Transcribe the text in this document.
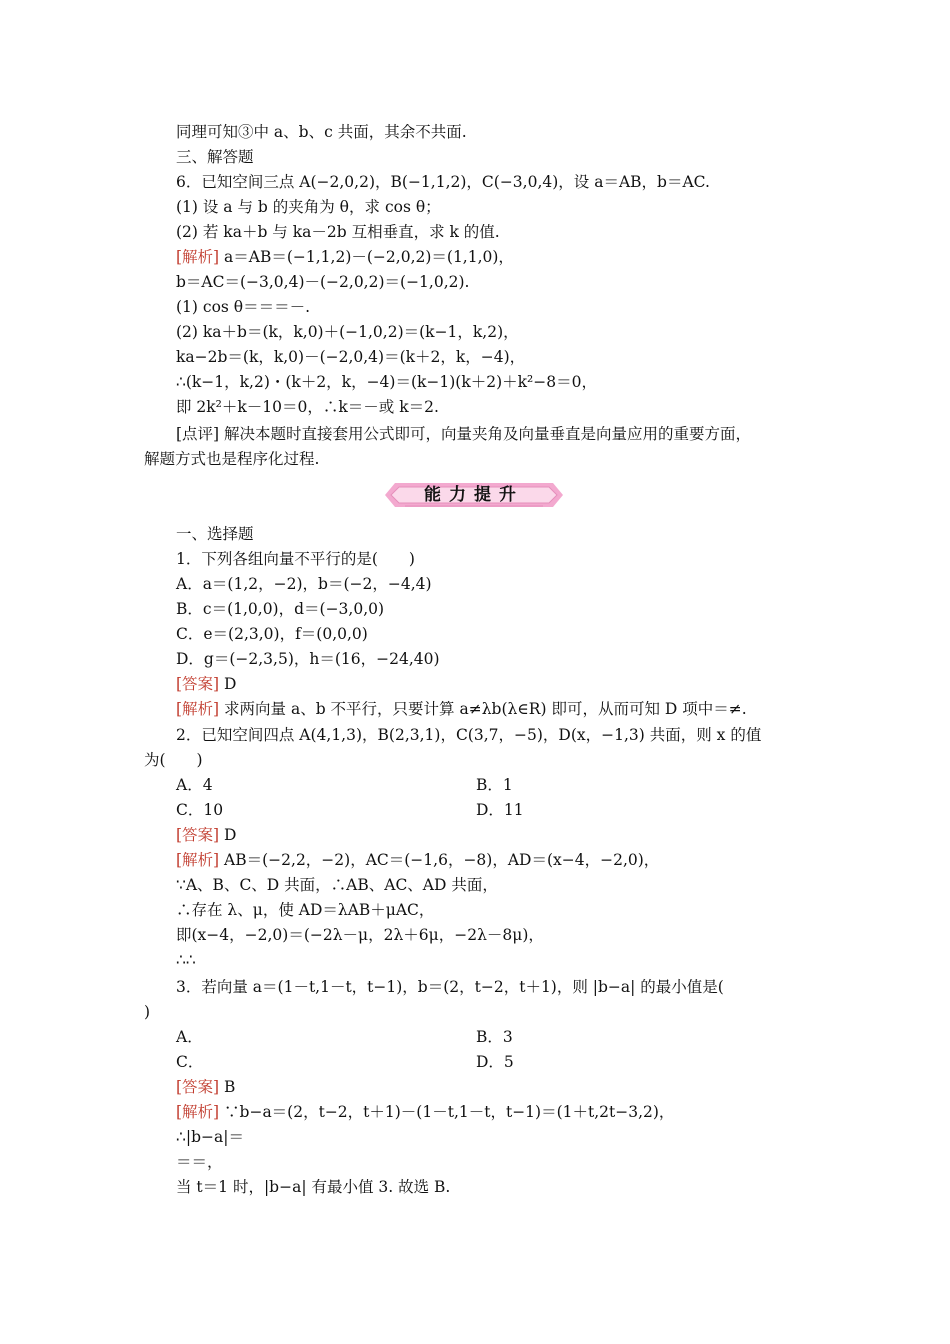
同理可知③中 a、b、c 共面，其余不共面.
三、解答题
6．已知空间三点 A(−2,0,2)，B(−1,1,2)，C(−3,0,4)，设 a＝AB，b＝AC.
(1) 设 a 与 b 的夹角为 θ，求 cos θ；
(2) 若 ka＋b 与 ka－2b 互相垂直，求 k 的值.
[解析] a＝AB＝(−1,1,2)－(−2,0,2)＝(1,1,0)，
b＝AC＝(−3,0,4)－(−2,0,2)＝(−1,0,2).
(1) cos θ＝＝＝－.
(2) ka＋b＝(k，k,0)＋(−1,0,2)＝(k−1，k,2)，
ka−2b＝(k，k,0)－(−2,0,4)＝(k＋2，k，−4)，
∴(k−1，k,2)・(k＋2，k，−4)＝(k−1)(k＋2)＋k²−8＝0，
即 2k²＋k－10＝0，∴k＝－或 k＝2.
[点评] 解决本题时直接套用公式即可，向量夹角及向量垂直是向量应用的重要方面，
解题方式也是程序化过程.
能力提升
一、选择题
1．下列各组向量不平行的是(　　)
A．a＝(1,2，−2)，b＝(−2，−4,4)
B．c＝(1,0,0)，d＝(−3,0,0)
C．e＝(2,3,0)，f＝(0,0,0)
D．g＝(−2,3,5)，h＝(16，−24,40)
[答案] D
[解析] 求两向量 a、b 不平行，只要计算 a≠λb(λ∈R) 即可，从而可知 D 项中＝≠.
2．已知空间四点 A(4,1,3)，B(2,3,1)，C(3,7，−5)，D(x，−1,3) 共面，则 x 的值
为(　　)
A．4	B．1
C．10	D．11
[答案] D
[解析] AB＝(−2,2，−2)，AC＝(−1,6，−8)，AD＝(x−4，−2,0)，
∵A、B、C、D 共面，∴AB、AC、AD 共面，
∴存在 λ、μ，使 AD＝λAB＋μAC，
即(x−4，−2,0)＝(−2λ－μ，2λ＋6μ，−2λ－8μ)，
∴∴
3．若向量 a＝(1－t,1－t，t−1)，b＝(2，t−2，t＋1)，则 |b−a| 的最小值是(
)
A．	B．3
C．	D．5
[答案] B
[解析] ∵b−a＝(2，t−2，t＋1)－(1－t,1－t，t−1)＝(1＋t,2t−3,2)，
∴|b−a|＝
＝＝，
当 t＝1 时，|b−a| 有最小值 3. 故选 B.
